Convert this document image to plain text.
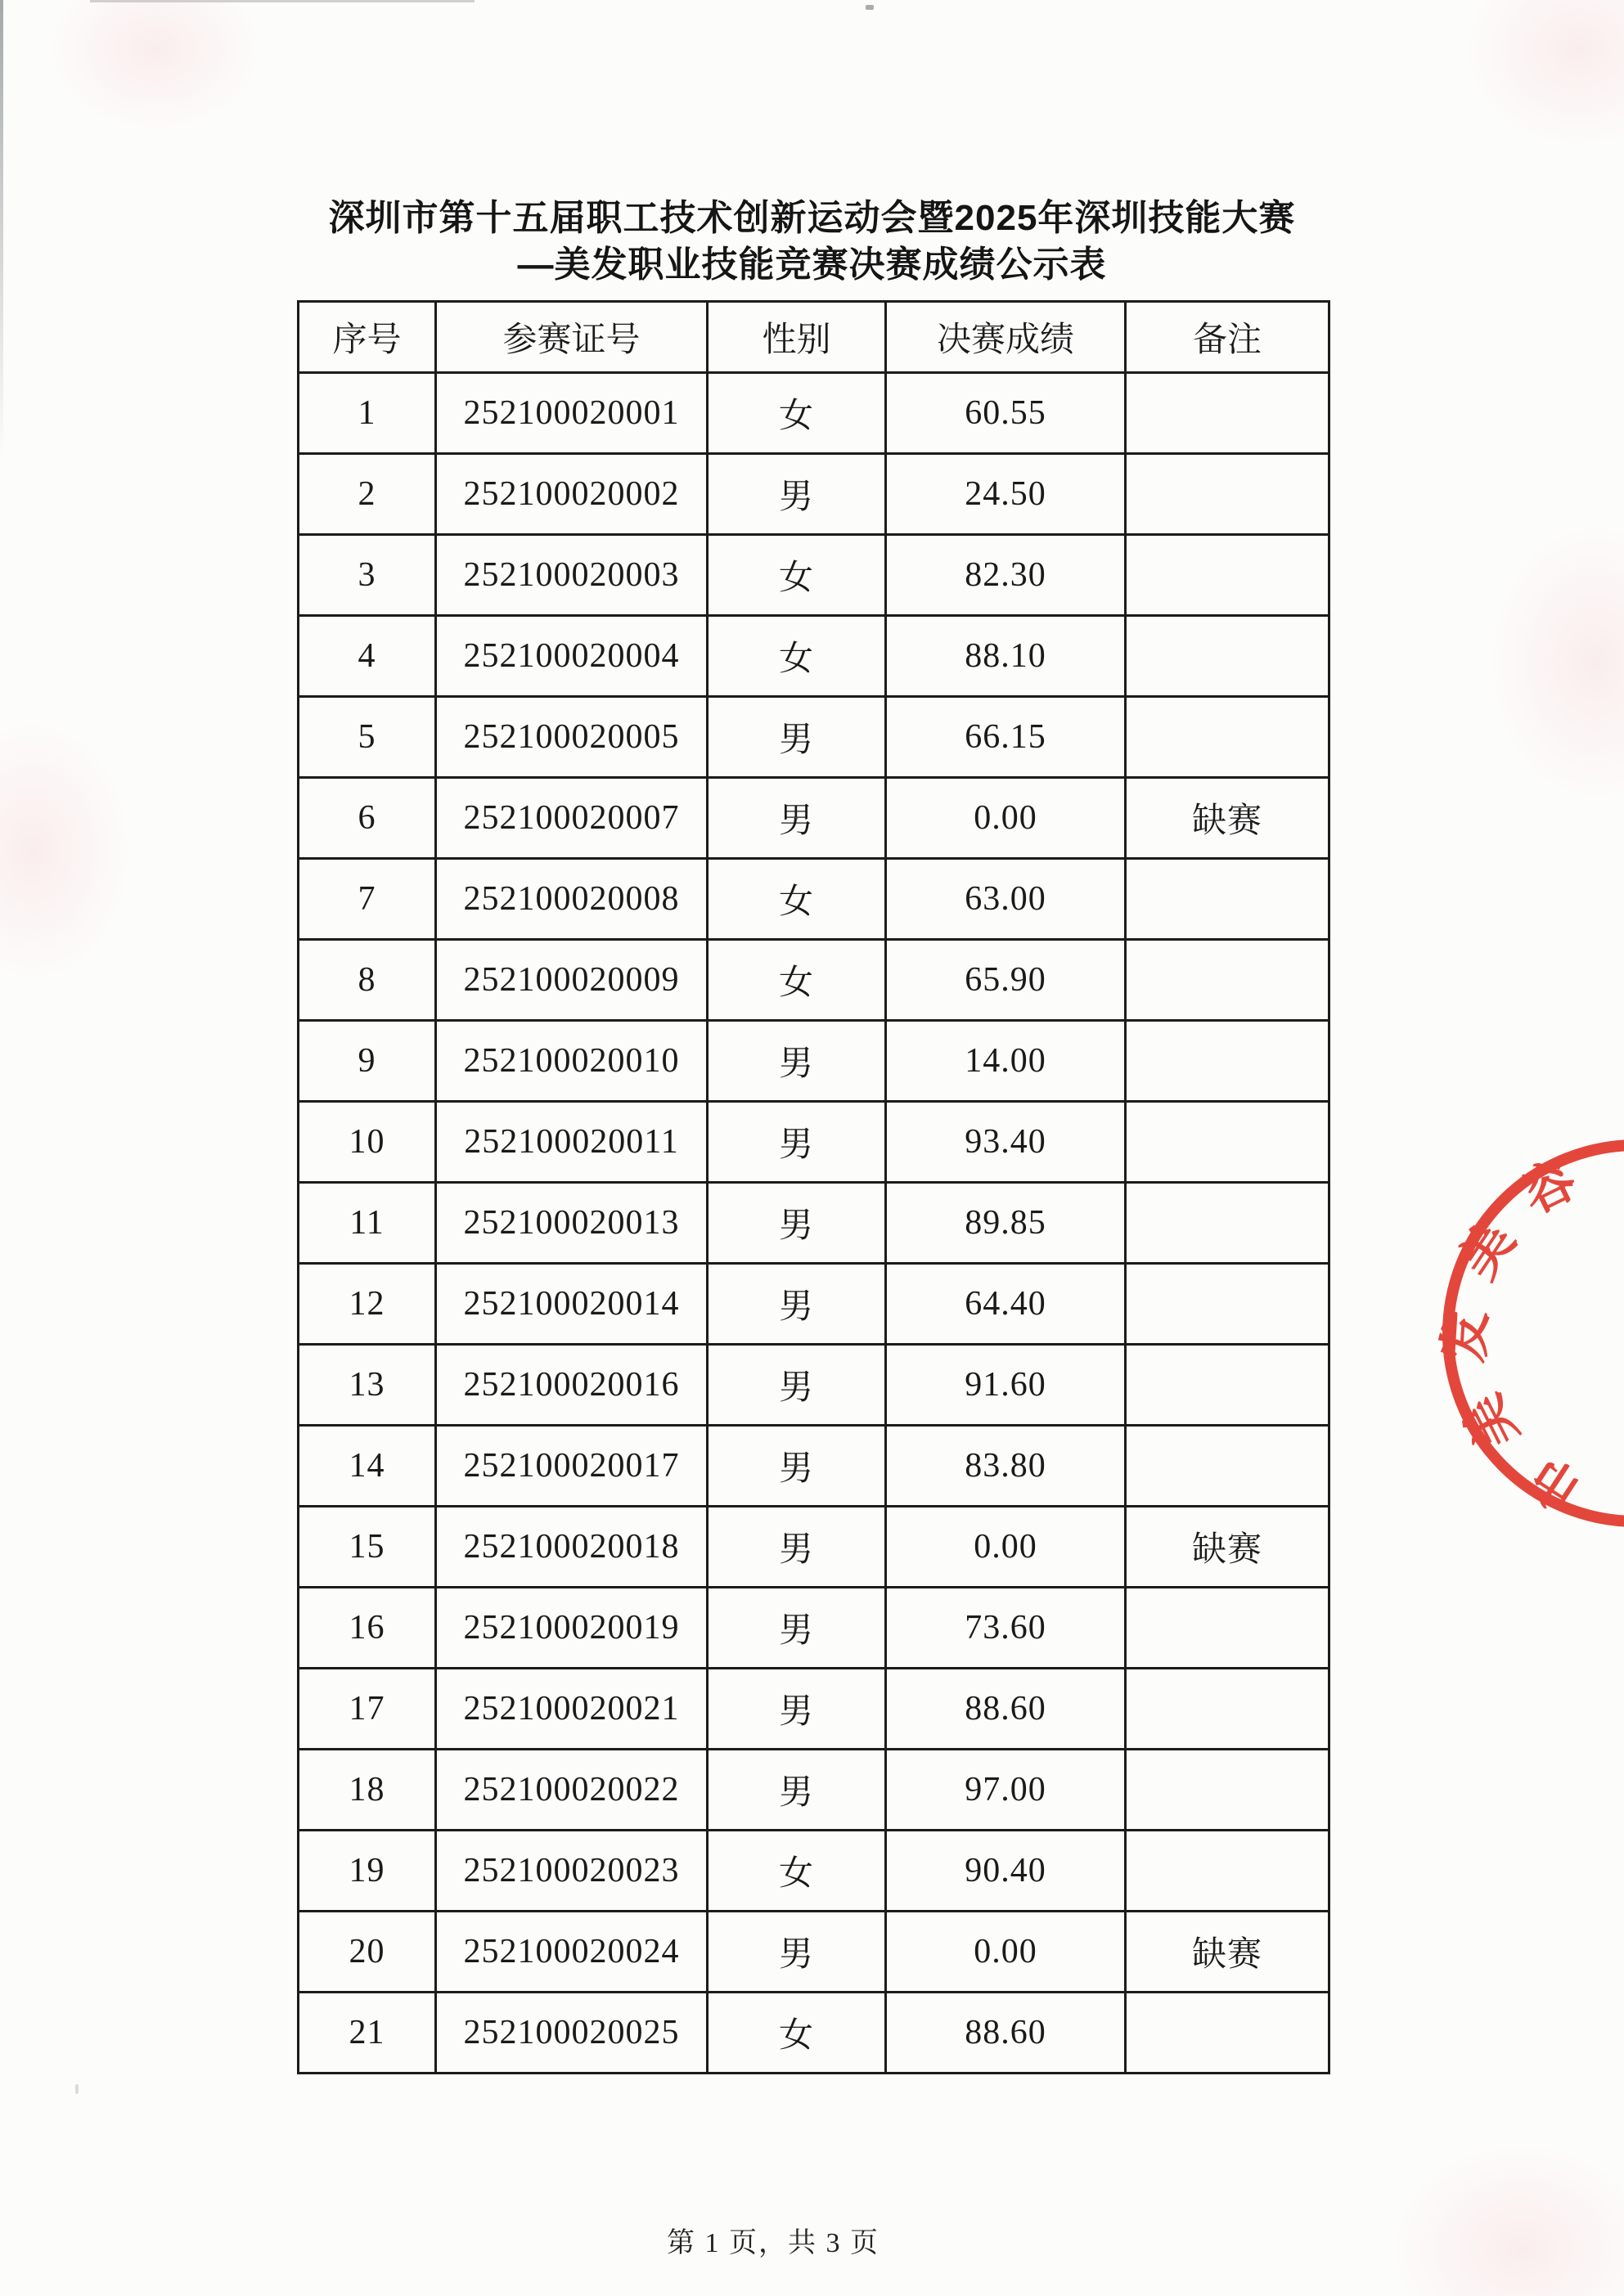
深圳市第十五届职工技术创新运动会暨2025年深圳技能大赛
—美发职业技能竞赛决赛成绩公示表
序号	参赛证号	性别	决赛成绩	备注
1	252100020001	女	60.55	
2	252100020002	男	24.50	
3	252100020003	女	82.30	
4	252100020004	女	88.10	
5	252100020005	男	66.15	
6	252100020007	男	0.00	缺赛
7	252100020008	女	63.00	
8	252100020009	女	65.90	
9	252100020010	男	14.00	
10	252100020011	男	93.40	
11	252100020013	男	89.85	
12	252100020014	男	64.40	
13	252100020016	男	91.60	
14	252100020017	男	83.80	
15	252100020018	男	0.00	缺赛
16	252100020019	男	73.60	
17	252100020021	男	88.60	
18	252100020022	男	97.00	
19	252100020023	女	90.40	
20	252100020024	男	0.00	缺赛
21	252100020025	女	88.60	
第 1 页，共 3 页
市美发美容
